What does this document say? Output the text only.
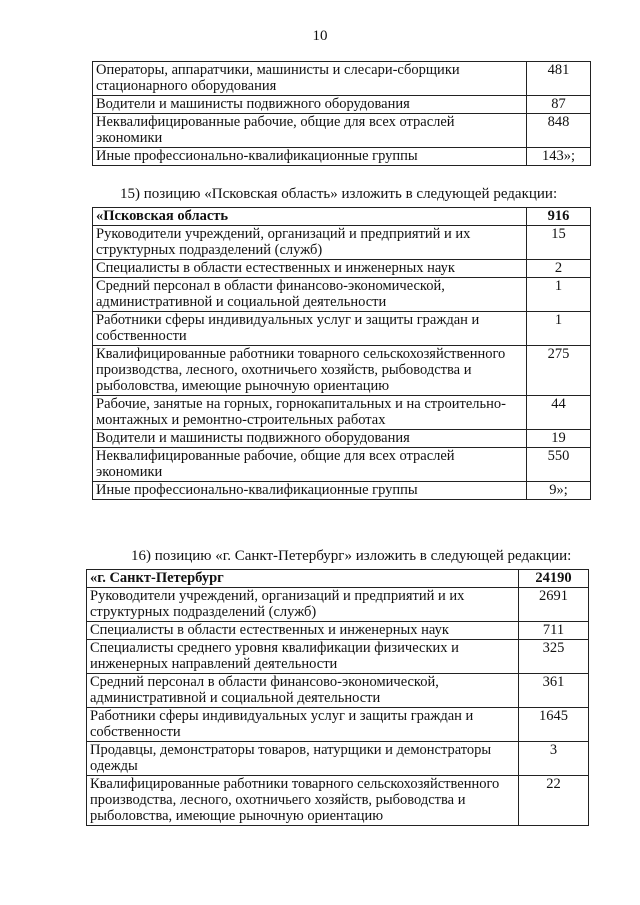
10
Операторы, аппаратчики, машинисты и слесари-сборщики стационарного оборудования	481
Водители и машинисты подвижного оборудования	87
Неквалифицированные рабочие, общие для всех отраслей экономики	848
Иные профессионально-квалификационные группы	143»;
15) позицию «Псковская область» изложить в следующей редакции:
«Псковская область	916
Руководители учреждений, организаций и предприятий и их структурных подразделений (служб)	15
Специалисты в области естественных и инженерных наук	2
Средний персонал в области финансово-экономической, административной и социальной деятельности	1
Работники сферы индивидуальных услуг и защиты граждан и собственности	1
Квалифицированные работники товарного сельскохозяйственного производства, лесного, охотничьего хозяйств, рыбоводства и рыболовства, имеющие рыночную ориентацию	275
Рабочие, занятые на горных, горнокапитальных и на строительно-монтажных и ремонтно-строительных работах	44
Водители и машинисты подвижного оборудования	19
Неквалифицированные рабочие, общие для всех отраслей экономики	550
Иные профессионально-квалификационные группы	9»;
16) позицию «г. Санкт-Петербург» изложить в следующей редакции:
«г. Санкт-Петербург	24190
Руководители учреждений, организаций и предприятий и их структурных подразделений (служб)	2691
Специалисты в области естественных и инженерных наук	711
Специалисты среднего уровня квалификации физических и инженерных направлений деятельности	325
Средний персонал в области финансово-экономической, административной и социальной деятельности	361
Работники сферы индивидуальных услуг и защиты граждан и собственности	1645
Продавцы, демонстраторы товаров, натурщики и демонстраторы одежды	3
Квалифицированные работники товарного сельскохозяйственного производства, лесного, охотничьего хозяйств, рыбоводства и рыболовства, имеющие рыночную ориентацию	22
